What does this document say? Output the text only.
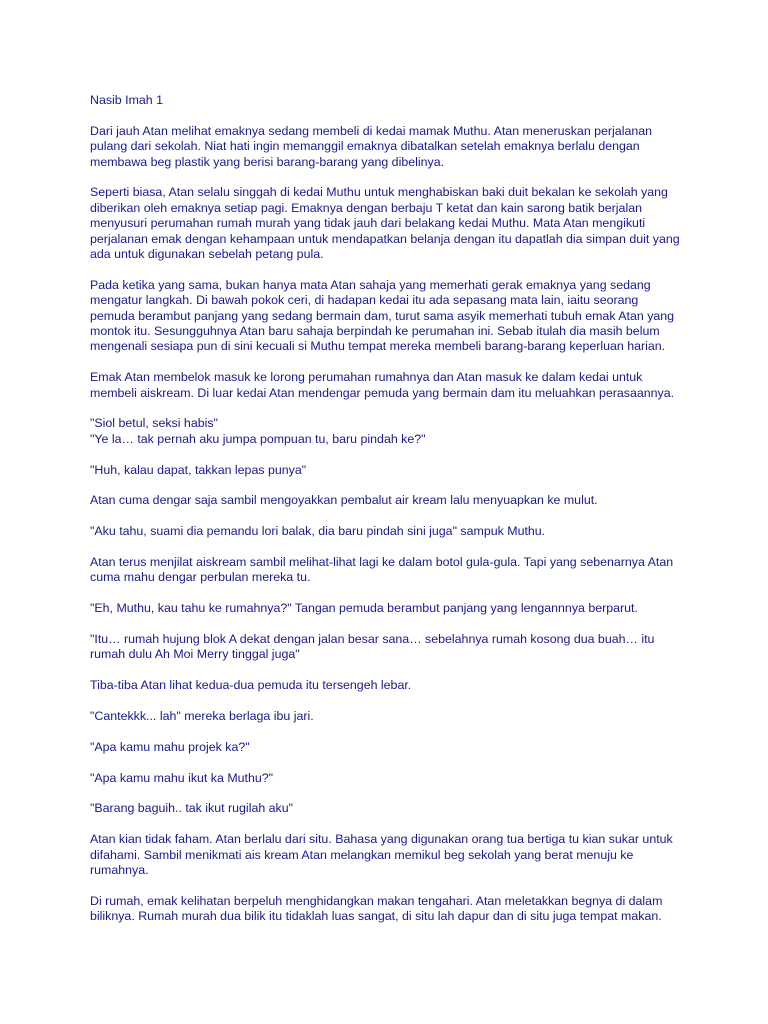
Nasib Imah 1
Dari jauh Atan melihat emaknya sedang membeli di kedai mamak Muthu. Atan meneruskan perjalanan
pulang dari sekolah. Niat hati ingin memanggil emaknya dibatalkan setelah emaknya berlalu dengan
membawa beg plastik yang berisi barang-barang yang dibelinya.
Seperti biasa, Atan selalu singgah di kedai Muthu untuk menghabiskan baki duit bekalan ke sekolah yang
diberikan oleh emaknya setiap pagi. Emaknya dengan berbaju T ketat dan kain sarong batik berjalan
menyusuri perumahan rumah murah yang tidak jauh dari belakang kedai Muthu. Mata Atan mengikuti
perjalanan emak dengan kehampaan untuk mendapatkan belanja dengan itu dapatlah dia simpan duit yang
ada untuk digunakan sebelah petang pula.
Pada ketika yang sama, bukan hanya mata Atan sahaja yang memerhati gerak emaknya yang sedang
mengatur langkah. Di bawah pokok ceri, di hadapan kedai itu ada sepasang mata lain, iaitu seorang
pemuda berambut panjang yang sedang bermain dam, turut sama asyik memerhati tubuh emak Atan yang
montok itu. Sesungguhnya Atan baru sahaja berpindah ke perumahan ini. Sebab itulah dia masih belum
mengenali sesiapa pun di sini kecuali si Muthu tempat mereka membeli barang-barang keperluan harian.
Emak Atan membelok masuk ke lorong perumahan rumahnya dan Atan masuk ke dalam kedai untuk
membeli aiskream. Di luar kedai Atan mendengar pemuda yang bermain dam itu meluahkan perasaannya.
"Siol betul, seksi habis"
"Ye la… tak pernah aku jumpa pompuan tu, baru pindah ke?"
"Huh, kalau dapat, takkan lepas punya"
Atan cuma dengar saja sambil mengoyakkan pembalut air kream lalu menyuapkan ke mulut.
"Aku tahu, suami dia pemandu lori balak, dia baru pindah sini juga" sampuk Muthu.
Atan terus menjilat aiskream sambil melihat-lihat lagi ke dalam botol gula-gula. Tapi yang sebenarnya Atan
cuma mahu dengar perbulan mereka tu.
"Eh, Muthu, kau tahu ke rumahnya?" Tangan pemuda berambut panjang yang lengannnya berparut.
"Itu… rumah hujung blok A dekat dengan jalan besar sana… sebelahnya rumah kosong dua buah… itu
rumah dulu Ah Moi Merry tinggal juga"
Tiba-tiba Atan lihat kedua-dua pemuda itu tersengeh lebar.
"Cantekkk... lah" mereka berlaga ibu jari.
"Apa kamu mahu projek ka?"
"Apa kamu mahu ikut ka Muthu?"
"Barang baguih.. tak ikut rugilah aku"
Atan kian tidak faham. Atan berlalu dari situ. Bahasa yang digunakan orang tua bertiga tu kian sukar untuk
difahami. Sambil menikmati ais kream Atan melangkan memikul beg sekolah yang berat menuju ke
rumahnya.
Di rumah, emak kelihatan berpeluh menghidangkan makan tengahari. Atan meletakkan begnya di dalam
biliknya. Rumah murah dua bilik itu tidaklah luas sangat, di situ lah dapur dan di situ juga tempat makan.
